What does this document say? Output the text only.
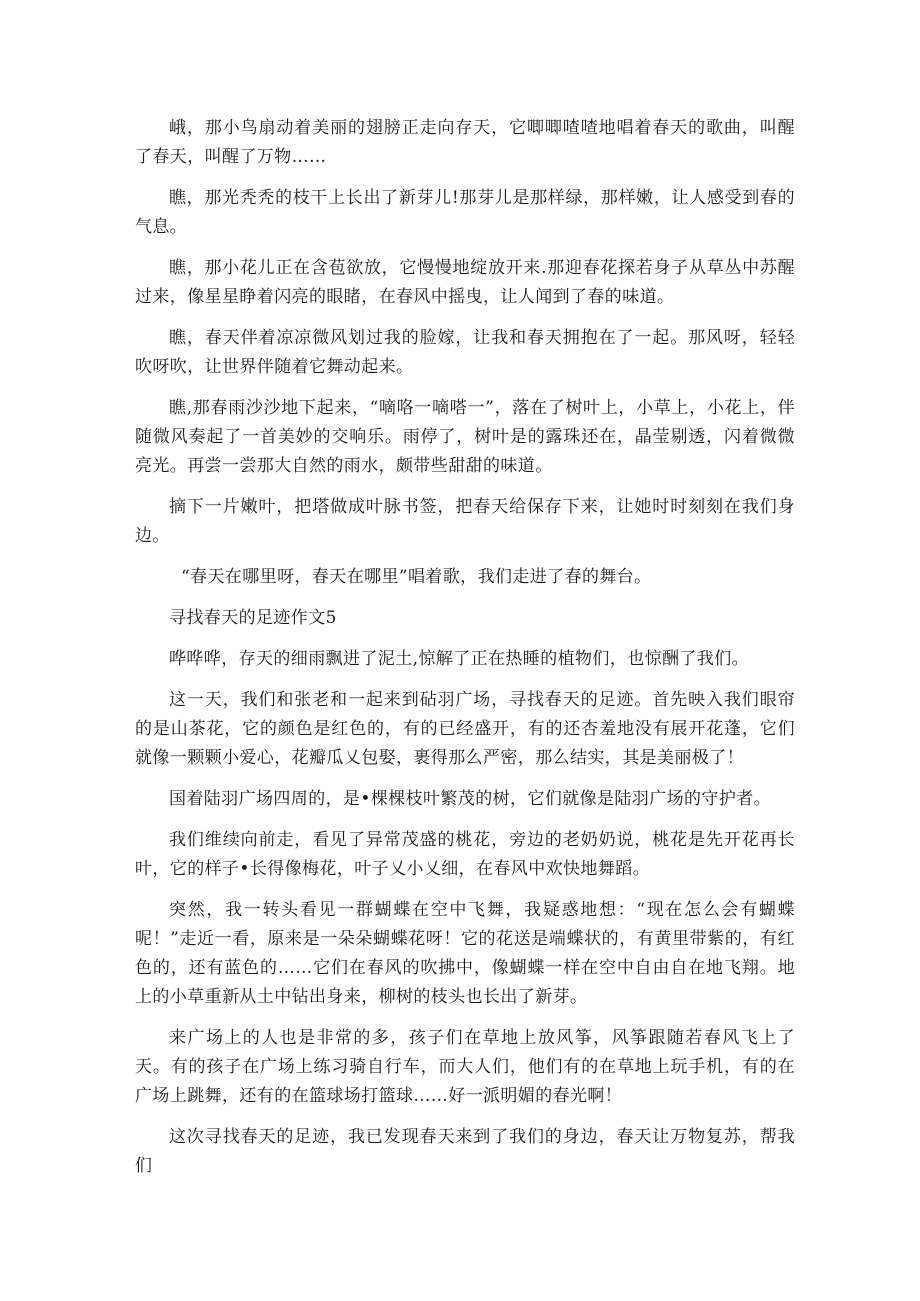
峨，那小鸟扇动着美丽的翅膀正走向存天，它唧唧喳喳地唱着春天的歌曲，叫醒了春天，叫醒了万物……

瞧，那光秃秃的枝干上长出了新芽儿!那芽儿是那样绿，那样嫩，让人感受到春的气息。

瞧，那小花儿正在含苞欲放，它慢慢地绽放开来.那迎春花探若身子从草丛中苏醒过来，像星星睁着闪亮的眼睹，在春风中摇曳，让人闻到了春的味道。

瞧，春天伴着凉凉微风划过我的脸嫁，让我和春天拥抱在了一起。那风呀，轻轻吹呀吹，让世界伴随着它舞动起来。

瞧,那春雨沙沙地下起来，“嘀咯一嘀嗒一”，落在了树叶上，小草上，小花上，伴随微风奏起了一首美妙的交响乐。雨停了，树叶是的露珠还在，晶莹剔透，闪着微微亮光。再尝一尝那大自然的雨水，颇带些甜甜的味道。

摘下一片嫩叶，把塔做成叶脉书签，把春天给保存下来，让她时时刻刻在我们身边。

“春天在哪里呀，春天在哪里”唱着歌，我们走进了春的舞台。

寻找春天的足迹作文5

哗哗哗，存天的细雨飘进了泥土,惊解了正在热睡的植物们，也惊酬了我们。

这一天，我们和张老和一起来到砧羽广场，寻找春天的足迹。首先映入我们眼帘的是山茶花，它的颜色是红色的，有的已经盛开，有的还杏羞地没有展开花蓬，它们就像一颗颗小爱心，花瓣瓜乂包娶，裹得那么严密，那么结实，其是美丽极了！

国着陆羽广场四周的，是•棵棵枝叶繁茂的树，它们就像是陆羽广场的守护者。

我们维续向前走，看见了异常茂盛的桃花，旁边的老奶奶说，桃花是先开花再长叶，它的样子•长得像梅花，叶子乂小乂细，在春风中欢快地舞蹈。

突然，我一转头看见一群蝴蝶在空中飞舞，我疑惑地想：“现在怎么会有蝴蝶呢！”走近一看，原来是一朵朵蝴蝶花呀！它的花送是端蝶状的，有黄里带紫的，有红色的，还有蓝色的……它们在春风的吹拂中，像蝴蝶一样在空中自由自在地飞翔。地上的小草重新从土中钻出身来，柳树的枝头也长出了新芽。

来广场上的人也是非常的多，孩子们在草地上放风筝，风筝跟随若春风飞上了天。有的孩子在广场上练习骑自行车，而大人们，他们有的在草地上玩手机，有的在广场上跳舞，还有的在篮球场打篮球……好一派明媚的春光啊！

这次寻找春天的足迹，我已发现春天来到了我们的身边，春天让万物复苏，帮我们
